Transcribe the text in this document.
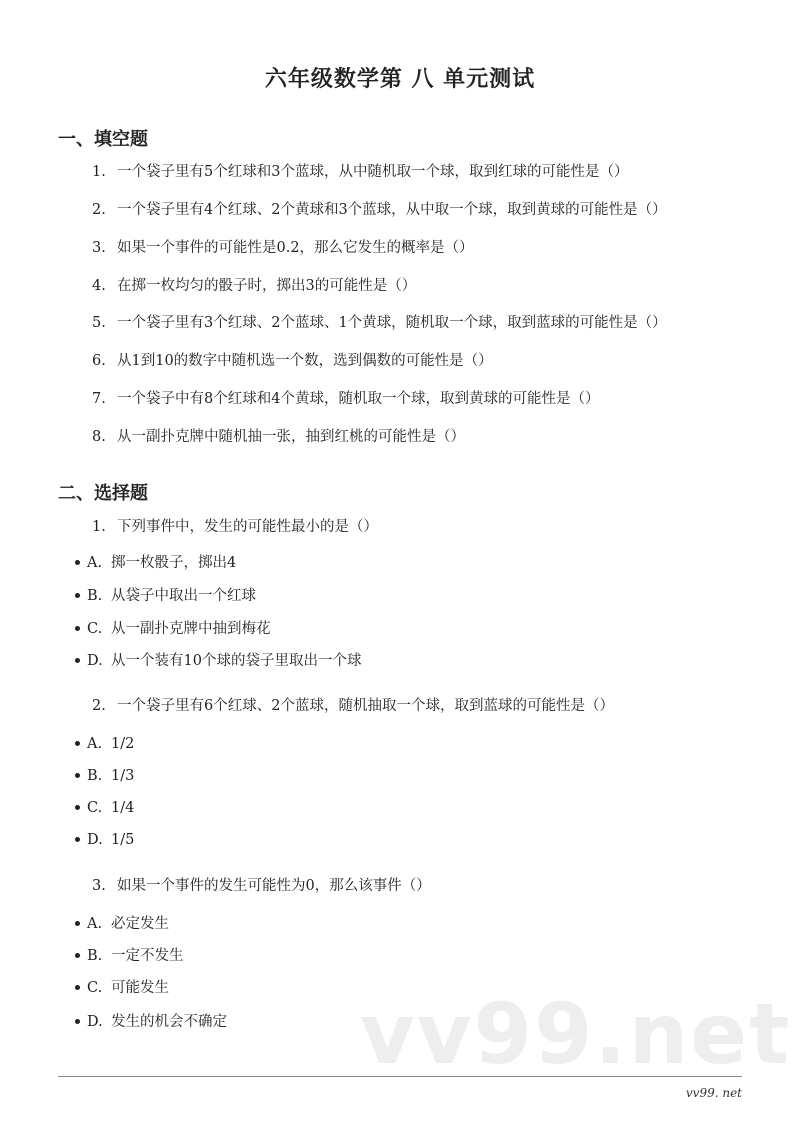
六年级数学第 八 单元测试
一、填空题
1. 一个袋子里有5个红球和3个蓝球，从中随机取一个球，取到红球的可能性是（）
2. 一个袋子里有4个红球、2个黄球和3个蓝球，从中取一个球，取到黄球的可能性是（）
3. 如果一个事件的可能性是0.2，那么它发生的概率是（）
4. 在掷一枚均匀的骰子时，掷出3的可能性是（）
5. 一个袋子里有3个红球、2个蓝球、1个黄球，随机取一个球，取到蓝球的可能性是（）
6. 从1到10的数字中随机选一个数，选到偶数的可能性是（）
7. 一个袋子中有8个红球和4个黄球，随机取一个球，取到黄球的可能性是（）
8. 从一副扑克牌中随机抽一张，抽到红桃的可能性是（）
二、选择题
1. 下列事件中，发生的可能性最小的是（）
A. 掷一枚骰子，掷出4
B. 从袋子中取出一个红球
C. 从一副扑克牌中抽到梅花
D. 从一个装有10个球的袋子里取出一个球
2. 一个袋子里有6个红球、2个蓝球，随机抽取一个球，取到蓝球的可能性是（）
A. 1/2
B. 1/3
C. 1/4
D. 1/5
3. 如果一个事件的发生可能性为0，那么该事件（）
A. 必定发生
B. 一定不发生
C. 可能发生
D. 发生的机会不确定 vv99.net
vv99. net
